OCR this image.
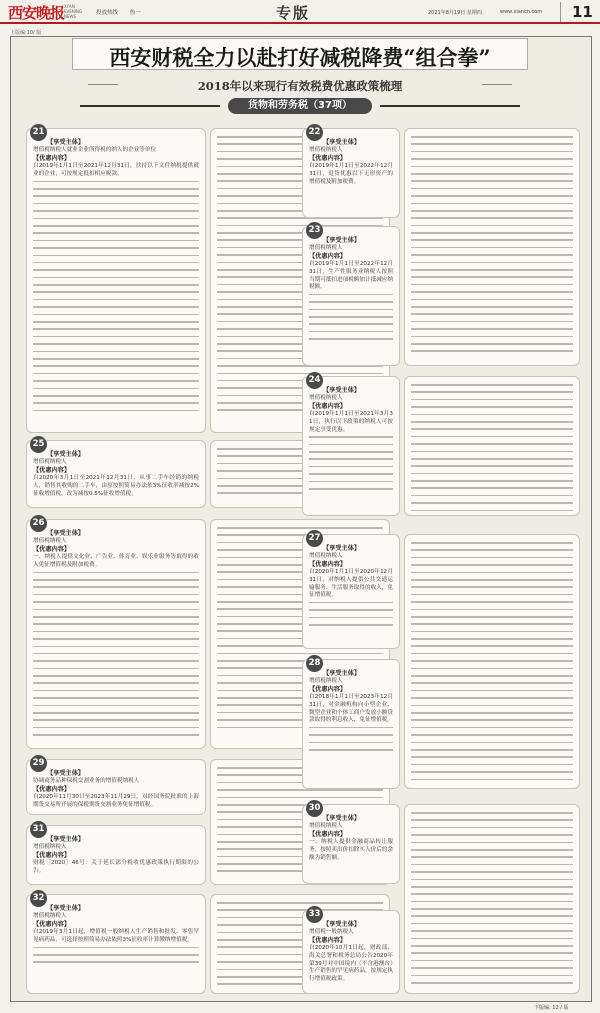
西安晚报 XI'AN EVENING NEWS
投放热线 热一	专版	2021年8月19日 星期四	www.xiancn.com 11
上版编:10/ 版
西安财税全力以赴打好减税降费“组合拳”
2018年以来现行有效税费优惠政策梳理
货物和劳务税（37项）
21
【享受主体】
增值税纳税人就业企业所得税的纳人的企业等单位
【优惠内容】
自2019年1月1日至2021年12月31日，扶持以下文件纳税提供就业的企业，可按规定抵扣相应税款。
25
【享受主体】
增值税纳税人
【优惠内容】
自2020年3月1日至2021年12月31日，从事二手车经销的纳税人，销售其收购的二手车，由原按照简易办法依3%征收率减按2%征收增值税，改为减按0.5%征收增值税。
26
【享受主体】
增值税纳税人
【优惠内容】
一、纳税人提供文化业、广告业、体育业、娱乐业服务等取得的收入免征增值税及附加税费。
29
【享受主体】
协调商务品种保税交割业务的增值税纳税人
【优惠内容】
自2020年11月30日至2023年11月29日，对经国务院批准的上海期货交易所开展的保税期货交割业务免征增值税。
31
【享受主体】
增值税纳税人
【优惠内容】
财税〔2020〕46号：关于延长部分税收优惠政策执行期限的公告。
32
【享受主体】
增值税纳税人
【优惠内容】
自2019年3月1日起，增值税一般纳税人生产销售和批发、零售罕见病药品，可选择按照简易办法依照3%征收率计算缴纳增值税。
22
【享受主体】
增值税纳税人
【优惠内容】
自2019年1月1日至2022年12月31日，退货优惠以下无形资产的增值税及附加税费。
23
【享受主体】
增值税纳税人
【优惠内容】
自2019年1月1日至2022年12月31日，生产性服务业纳税人按照当期可抵扣进项税额加计抵减应纳税额。
24
【享受主体】
增值税纳税人
【优惠内容】
自2019年1月1日至2021年3月31日，执行以下政策的纳税人可按规定享受优惠。
27
【享受主体】
增值税纳税人
【优惠内容】
自2020年1月1日至2020年12月31日，对纳税人提供公共交通运输服务、生活服务取得的收入，免征增值税。
28
【享受主体】
增值税纳税人
【优惠内容】
自2018年1月1日至2023年12月31日，对金融机构向小型企业、微型企业和个体工商户发放小额贷款取得的利息收入，免征增值税。
30
【享受主体】
增值税纳税人
【优惠内容】
一、纳税人提供金融商品转让服务，按照卖出价扣除买入价后的余额为销售额。
33
【享受主体】
增值税一般纳税人
【优惠内容】
自2020年10月1日起，财政部、海关总署和税务总局公告2020年第39号对中国境内（不含港澳台）生产销售的罕见病药品，按规定执行增值税政策。
下版编: 12 / 版
